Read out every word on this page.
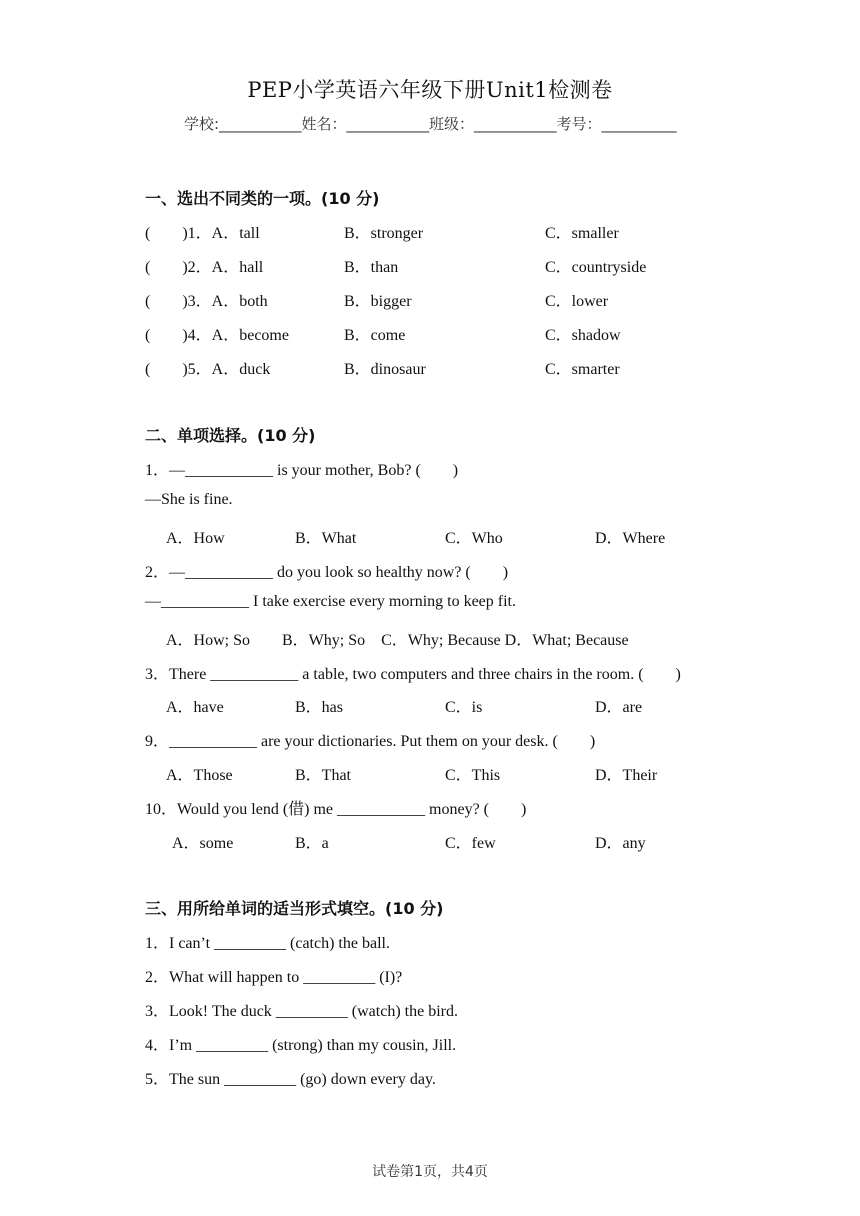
PEP小学英语六年级下册Unit1检测卷
学校:___________姓名：___________班级：___________考号：__________
一、选出不同类的一项。(10 分)
(　　)1．A．tall	B．stronger	C．smaller
(　　)2．A．hall	B．than	C．countryside
(　　)3．A．both	B．bigger	C．lower
(　　)4．A．become	B．come	C．shadow
(　　)5．A．duck	B．dinosaur	C．smarter
二、单项选择。(10 分)
1．—___________ is your mother, Bob? (　　)
—She is fine.
A．How	B．What	C．Who	D．Where
2．—___________ do you look so healthy now? (　　)
—___________ I take exercise every morning to keep fit.
A．How; So　　B．Why; So　C．Why; Because D．What; Because
3．There ___________ a table, two computers and three chairs in the room. (　　)
A．have	B．has	C．is	D．are
9．___________ are your dictionaries. Put them on your desk. (　　)
A．Those	B．That	C．This	D．Their
10．Would you lend (借) me ___________ money? (　　)
A．some	B．a	C．few	D．any
三、用所给单词的适当形式填空。(10 分)
1．I can’t _________ (catch) the ball.
2．What will happen to _________ (I)?
3．Look! The duck _________ (watch) the bird.
4．I’m _________ (strong) than my cousin, Jill.
5．The sun _________ (go) down every day.
试卷第1页，共4页
